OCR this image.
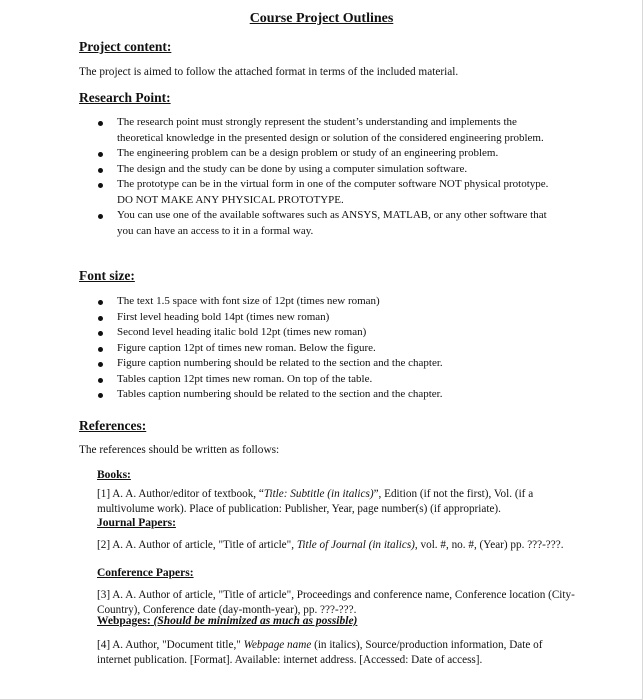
Course Project Outlines
Project content:
The project is aimed to follow the attached format in terms of the included material.
Research Point:
The research point must strongly represent the student’s understanding and implements the theoretical knowledge in the presented design or solution of the considered engineering problem.
The engineering problem can be a design problem or study of an engineering problem.
The design and the study can be done by using a computer simulation software.
The prototype can be in the virtual form in one of the computer software NOT physical prototype. DO NOT MAKE ANY PHYSICAL PROTOTYPE.
You can use one of the available softwares such as ANSYS, MATLAB, or any other software that you can have an access to it in a formal way.
Font size:
The text 1.5 space with font size of 12pt (times new roman)
First level heading bold 14pt (times new roman)
Second level heading italic bold 12pt (times new roman)
Figure caption 12pt of times new roman. Below the figure.
Figure caption numbering should be related to the section and the chapter.
Tables caption 12pt times new roman. On top of the table.
Tables caption numbering should be related to the section and the chapter.
References:
The references should be written as follows:
Books:
[1] A. A. Author/editor of textbook, “Title: Subtitle (in italics)”, Edition (if not the first), Vol. (if a multivolume work). Place of publication: Publisher, Year, page number(s) (if appropriate).
Journal Papers:
[2] A. A. Author of article, "Title of article", Title of Journal (in italics), vol. #, no. #, (Year) pp. ???-???.
Conference Papers:
[3] A. A. Author of article, "Title of article", Proceedings and conference name, Conference location (City-Country), Conference date (day-month-year), pp. ???-???.
Webpages: (Should be minimized as much as possible)
[4] A. Author, "Document title," Webpage name (in italics), Source/production information, Date of internet publication. [Format]. Available: internet address. [Accessed: Date of access].
